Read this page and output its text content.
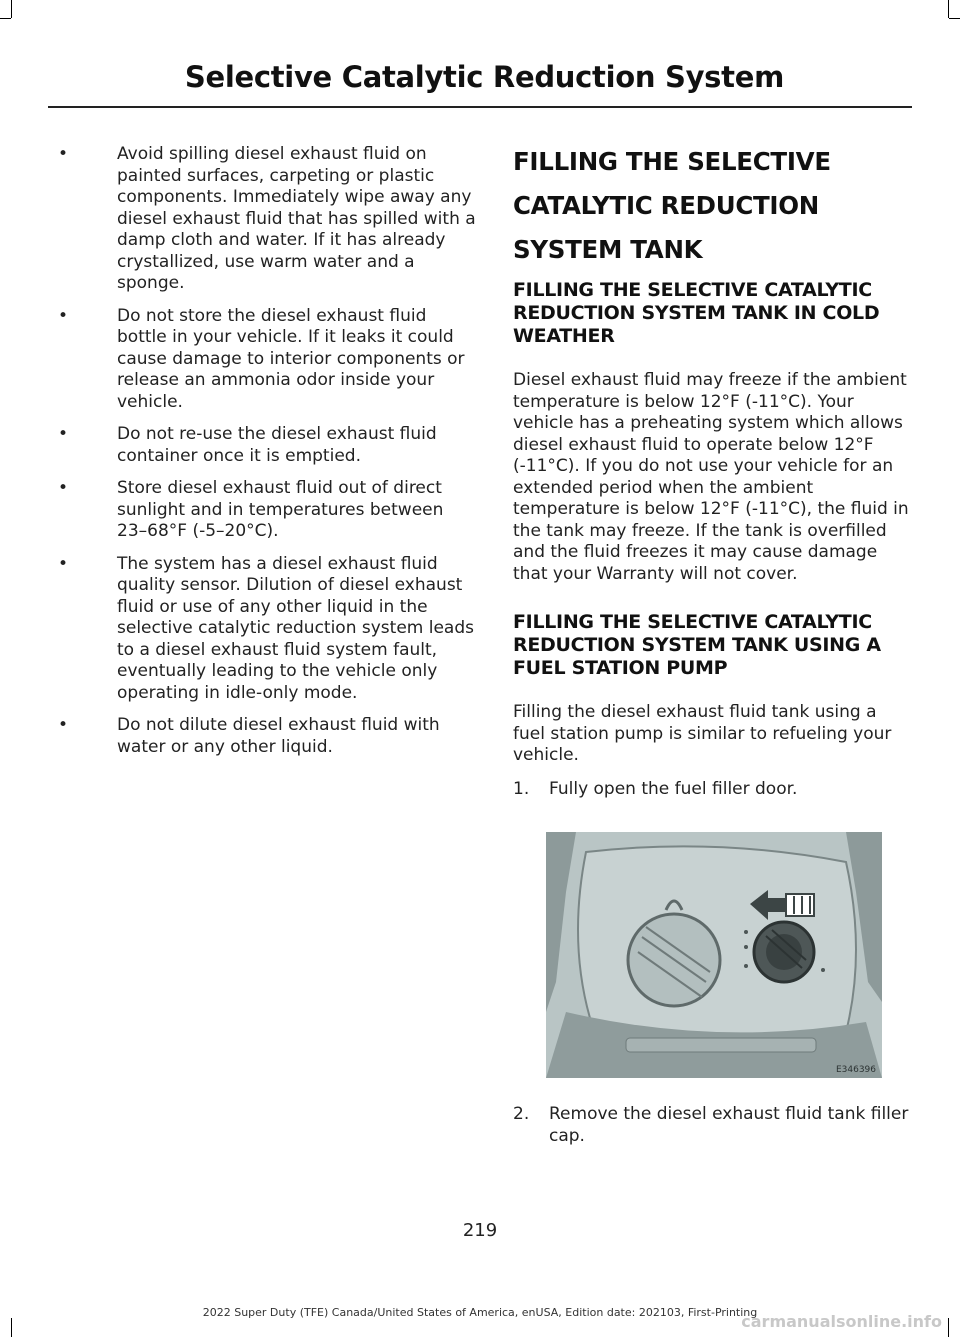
Selective Catalytic Reduction System
•	Avoid spilling diesel exhaust fluid on painted surfaces, carpeting or plastic components. Immediately wipe away any diesel exhaust fluid that has spilled with a damp cloth and water. If it has already crystallized, use warm water and a sponge.
•	Do not store the diesel exhaust fluid bottle in your vehicle. If it leaks it could cause damage to interior components or release an ammonia odor inside your vehicle.
•	Do not re-use the diesel exhaust fluid container once it is emptied.
•	Store diesel exhaust fluid out of direct sunlight and in temperatures between 23–68°F (-5–20°C).
•	The system has a diesel exhaust fluid quality sensor. Dilution of diesel exhaust fluid or use of any other liquid in the selective catalytic reduction system leads to a diesel exhaust fluid system fault, eventually leading to the vehicle only operating in idle-only mode.
•	Do not dilute diesel exhaust fluid with water or any other liquid.
FILLING THE SELECTIVE
CATALYTIC REDUCTION
SYSTEM TANK
FILLING THE SELECTIVE CATALYTIC REDUCTION SYSTEM TANK IN COLD WEATHER

Diesel exhaust fluid may freeze if the ambient temperature is below 12°F (-11°C). Your vehicle has a preheating system which allows diesel exhaust fluid to operate below 12°F (-11°C). If you do not use your vehicle for an extended period when the ambient temperature is below 12°F (-11°C), the fluid in the tank may freeze. If the tank is overfilled and the fluid freezes it may cause damage that your Warranty will not cover.

FILLING THE SELECTIVE CATALYTIC REDUCTION SYSTEM TANK USING A FUEL STATION PUMP

Filling the diesel exhaust fluid tank using a fuel station pump is similar to refueling your vehicle.

1. Fully open the fuel filler door.

E346396

2. Remove the diesel exhaust fluid tank filler cap.

219
2022 Super Duty (TFE) Canada/United States of America, enUSA, Edition date: 202103, First-Printing
carmanualsonline.info
